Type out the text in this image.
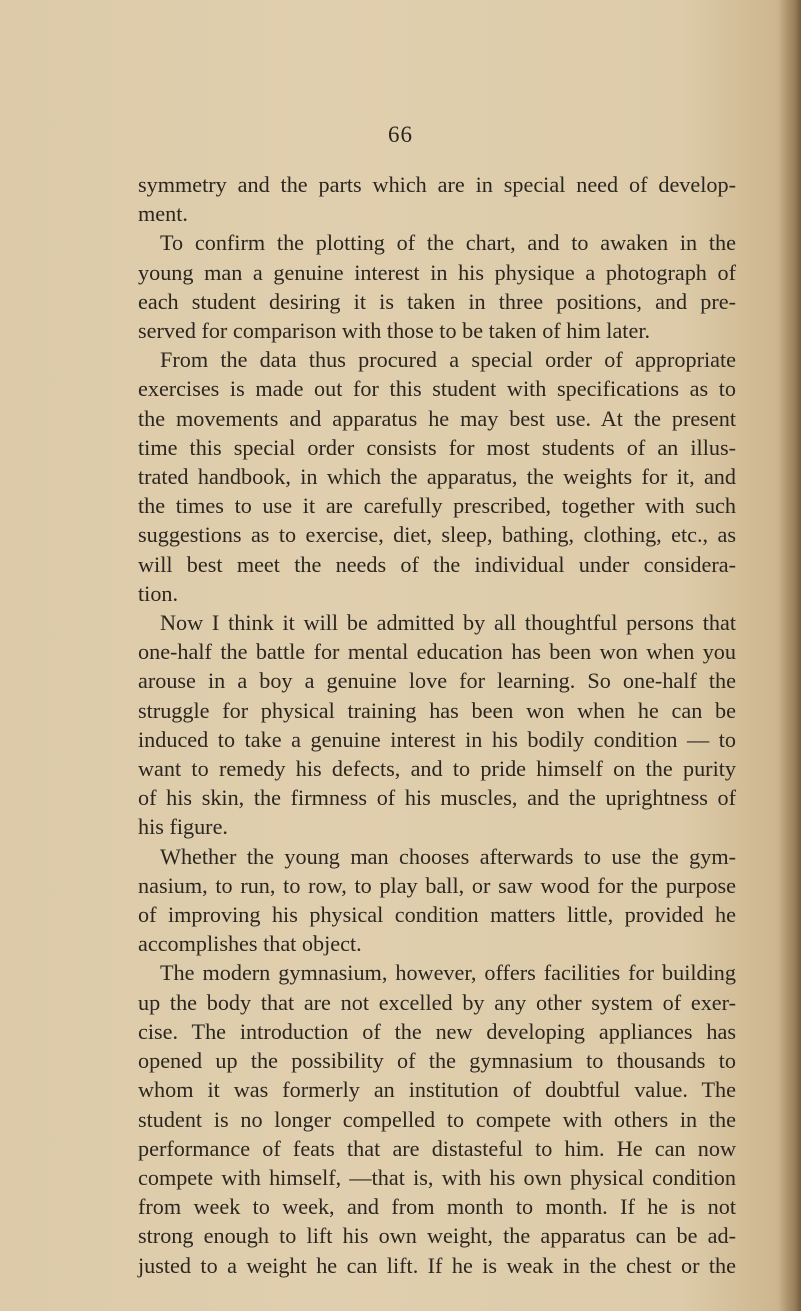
66
symmetry and the parts which are in special need of develop-
ment.
To confirm the plotting of the chart, and to awaken in the
young man a genuine interest in his physique a photograph of
each student desiring it is taken in three positions, and pre-
served for comparison with those to be taken of him later.
From the data thus procured a special order of appropriate
exercises is made out for this student with specifications as to
the movements and apparatus he may best use. At the present
time this special order consists for most students of an illus-
trated handbook, in which the apparatus, the weights for it, and
the times to use it are carefully prescribed, together with such
suggestions as to exercise, diet, sleep, bathing, clothing, etc., as
will best meet the needs of the individual under considera-
tion.
Now I think it will be admitted by all thoughtful persons that
one-half the battle for mental education has been won when you
arouse in a boy a genuine love for learning. So one-half the
struggle for physical training has been won when he can be
induced to take a genuine interest in his bodily condition — to
want to remedy his defects, and to pride himself on the purity
of his skin, the firmness of his muscles, and the uprightness of
his figure.
Whether the young man chooses afterwards to use the gym-
nasium, to run, to row, to play ball, or saw wood for the purpose
of improving his physical condition matters little, provided he
accomplishes that object.
The modern gymnasium, however, offers facilities for building
up the body that are not excelled by any other system of exer-
cise. The introduction of the new developing appliances has
opened up the possibility of the gymnasium to thousands to
whom it was formerly an institution of doubtful value. The
student is no longer compelled to compete with others in the
performance of feats that are distasteful to him. He can now
compete with himself, —that is, with his own physical condition
from week to week, and from month to month. If he is not
strong enough to lift his own weight, the apparatus can be ad-
justed to a weight he can lift. If he is weak in the chest or the
